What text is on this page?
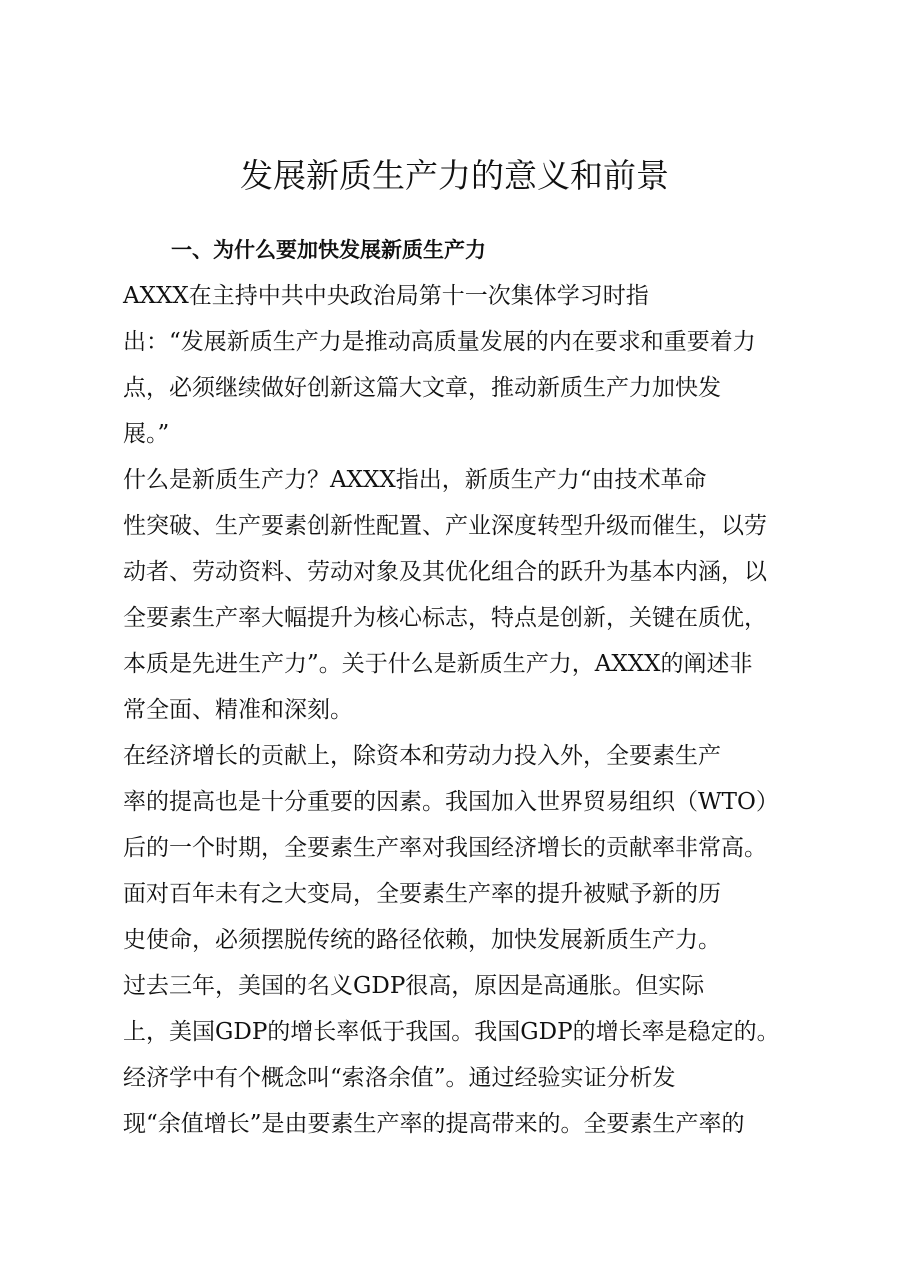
发展新质生产力的意义和前景
一、为什么要加快发展新质生产力
AXXX在主持中共中央政治局第十一次集体学习时指
出：“发展新质生产力是推动高质量发展的内在要求和重要着力
点，必须继续做好创新这篇大文章，推动新质生产力加快发
展。”
什么是新质生产力？AXXX指出，新质生产力“由技术革命
性突破、生产要素创新性配置、产业深度转型升级而催生，以劳
动者、劳动资料、劳动对象及其优化组合的跃升为基本内涵，以
全要素生产率大幅提升为核心标志，特点是创新，关键在质优，
本质是先进生产力”。关于什么是新质生产力，AXXX的阐述非
常全面、精准和深刻。
在经济增长的贡献上，除资本和劳动力投入外，全要素生产
率的提高也是十分重要的因素。我国加入世界贸易组织（WTO）
后的一个时期，全要素生产率对我国经济增长的贡献率非常高。
面对百年未有之大变局，全要素生产率的提升被赋予新的历
史使命，必须摆脱传统的路径依赖，加快发展新质生产力。
过去三年，美国的名义GDP很高，原因是高通胀。但实际
上，美国GDP的增长率低于我国。我国GDP的增长率是稳定的。
经济学中有个概念叫“索洛余值”。通过经验实证分析发
现“余值增长”是由要素生产率的提高带来的。全要素生产率的
